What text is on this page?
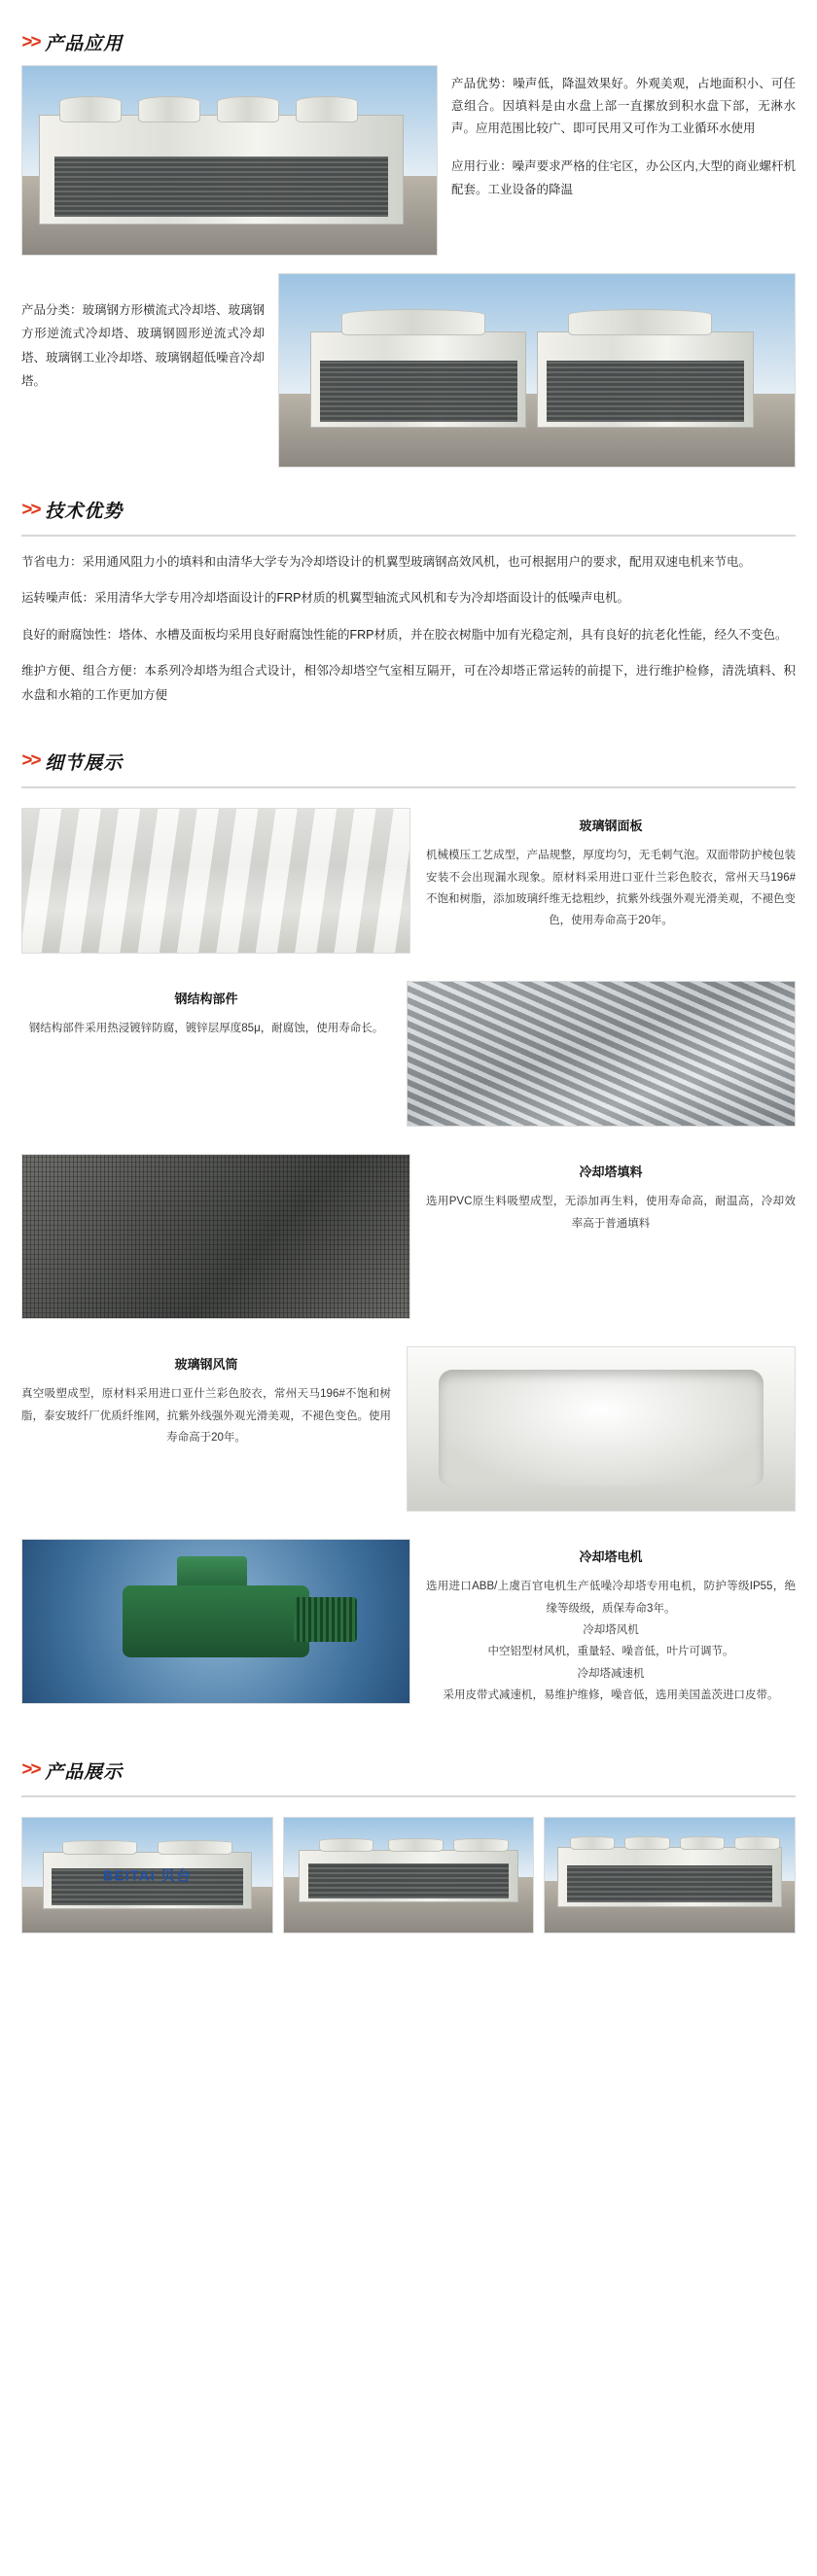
>> 产品应用

产品优势：噪声低，降温效果好。外观美观，占地面积小、可任意组合。因填料是由水盘上部一直摞放到积水盘下部，无淋水声。应用范围比较广、即可民用又可作为工业循环水使用

应用行业：噪声要求严格的住宅区，办公区内,大型的商业螺杆机配套。工业设备的降温

产品分类：玻璃钢方形横流式冷却塔、玻璃钢方形逆流式冷却塔、玻璃钢圆形逆流式冷却塔、玻璃钢工业冷却塔、玻璃钢超低噪音冷却塔。
>> 技术优势
节省电力：采用通风阻力小的填料和由清华大学专为冷却塔设计的机翼型玻璃钢高效风机，也可根据用户的要求，配用双速电机来节电。
运转噪声低：采用清华大学专用冷却塔面设计的FRP材质的机翼型轴流式风机和专为冷却塔面设计的低噪声电机。
良好的耐腐蚀性：塔体、水槽及面板均采用良好耐腐蚀性能的FRP材质，并在胶衣树脂中加有光稳定剂，具有良好的抗老化性能，经久不变色。
维护方便、组合方便：本系列冷却塔为组合式设计，相邻冷却塔空气室相互隔开，可在冷却塔正常运转的前提下，进行维护检修，清洗填料、积水盘和水箱的工作更加方便
>> 细节展示
玻璃钢面板
机械模压工艺成型，产品规整，厚度均匀，无毛刺气泡。双面带防护棱包装安装不会出现漏水现象。原材料采用进口亚什兰彩色胶衣，常州天马196#不饱和树脂，添加玻璃纤维无捻粗纱，抗紫外线强外观光滑美观，不褪色变色，使用寿命高于20年。
钢结构部件
钢结构部件采用热浸镀锌防腐，镀锌层厚度85μ，耐腐蚀，使用寿命长。
冷却塔填料
选用PVC原生料吸塑成型，无添加再生料，使用寿命高，耐温高，冷却效率高于普通填料
玻璃钢风筒
真空吸塑成型，原材料采用进口亚什兰彩色胶衣，常州天马196#不饱和树脂，泰安玻纤厂优质纤维网，抗紫外线强外观光滑美观，不褪色变色。使用寿命高于20年。
冷却塔电机
选用进口ABB/上虞百官电机生产低噪冷却塔专用电机，防护等级IP55，绝缘等级级，质保寿命3年。
冷却塔风机
中空铝型材风机，重量轻、噪音低，叶片可调节。
冷却塔减速机
采用皮带式减速机，易维护维修，噪音低，选用美国盖茨进口皮带。
>> 产品展示
BEITAI 贝台
